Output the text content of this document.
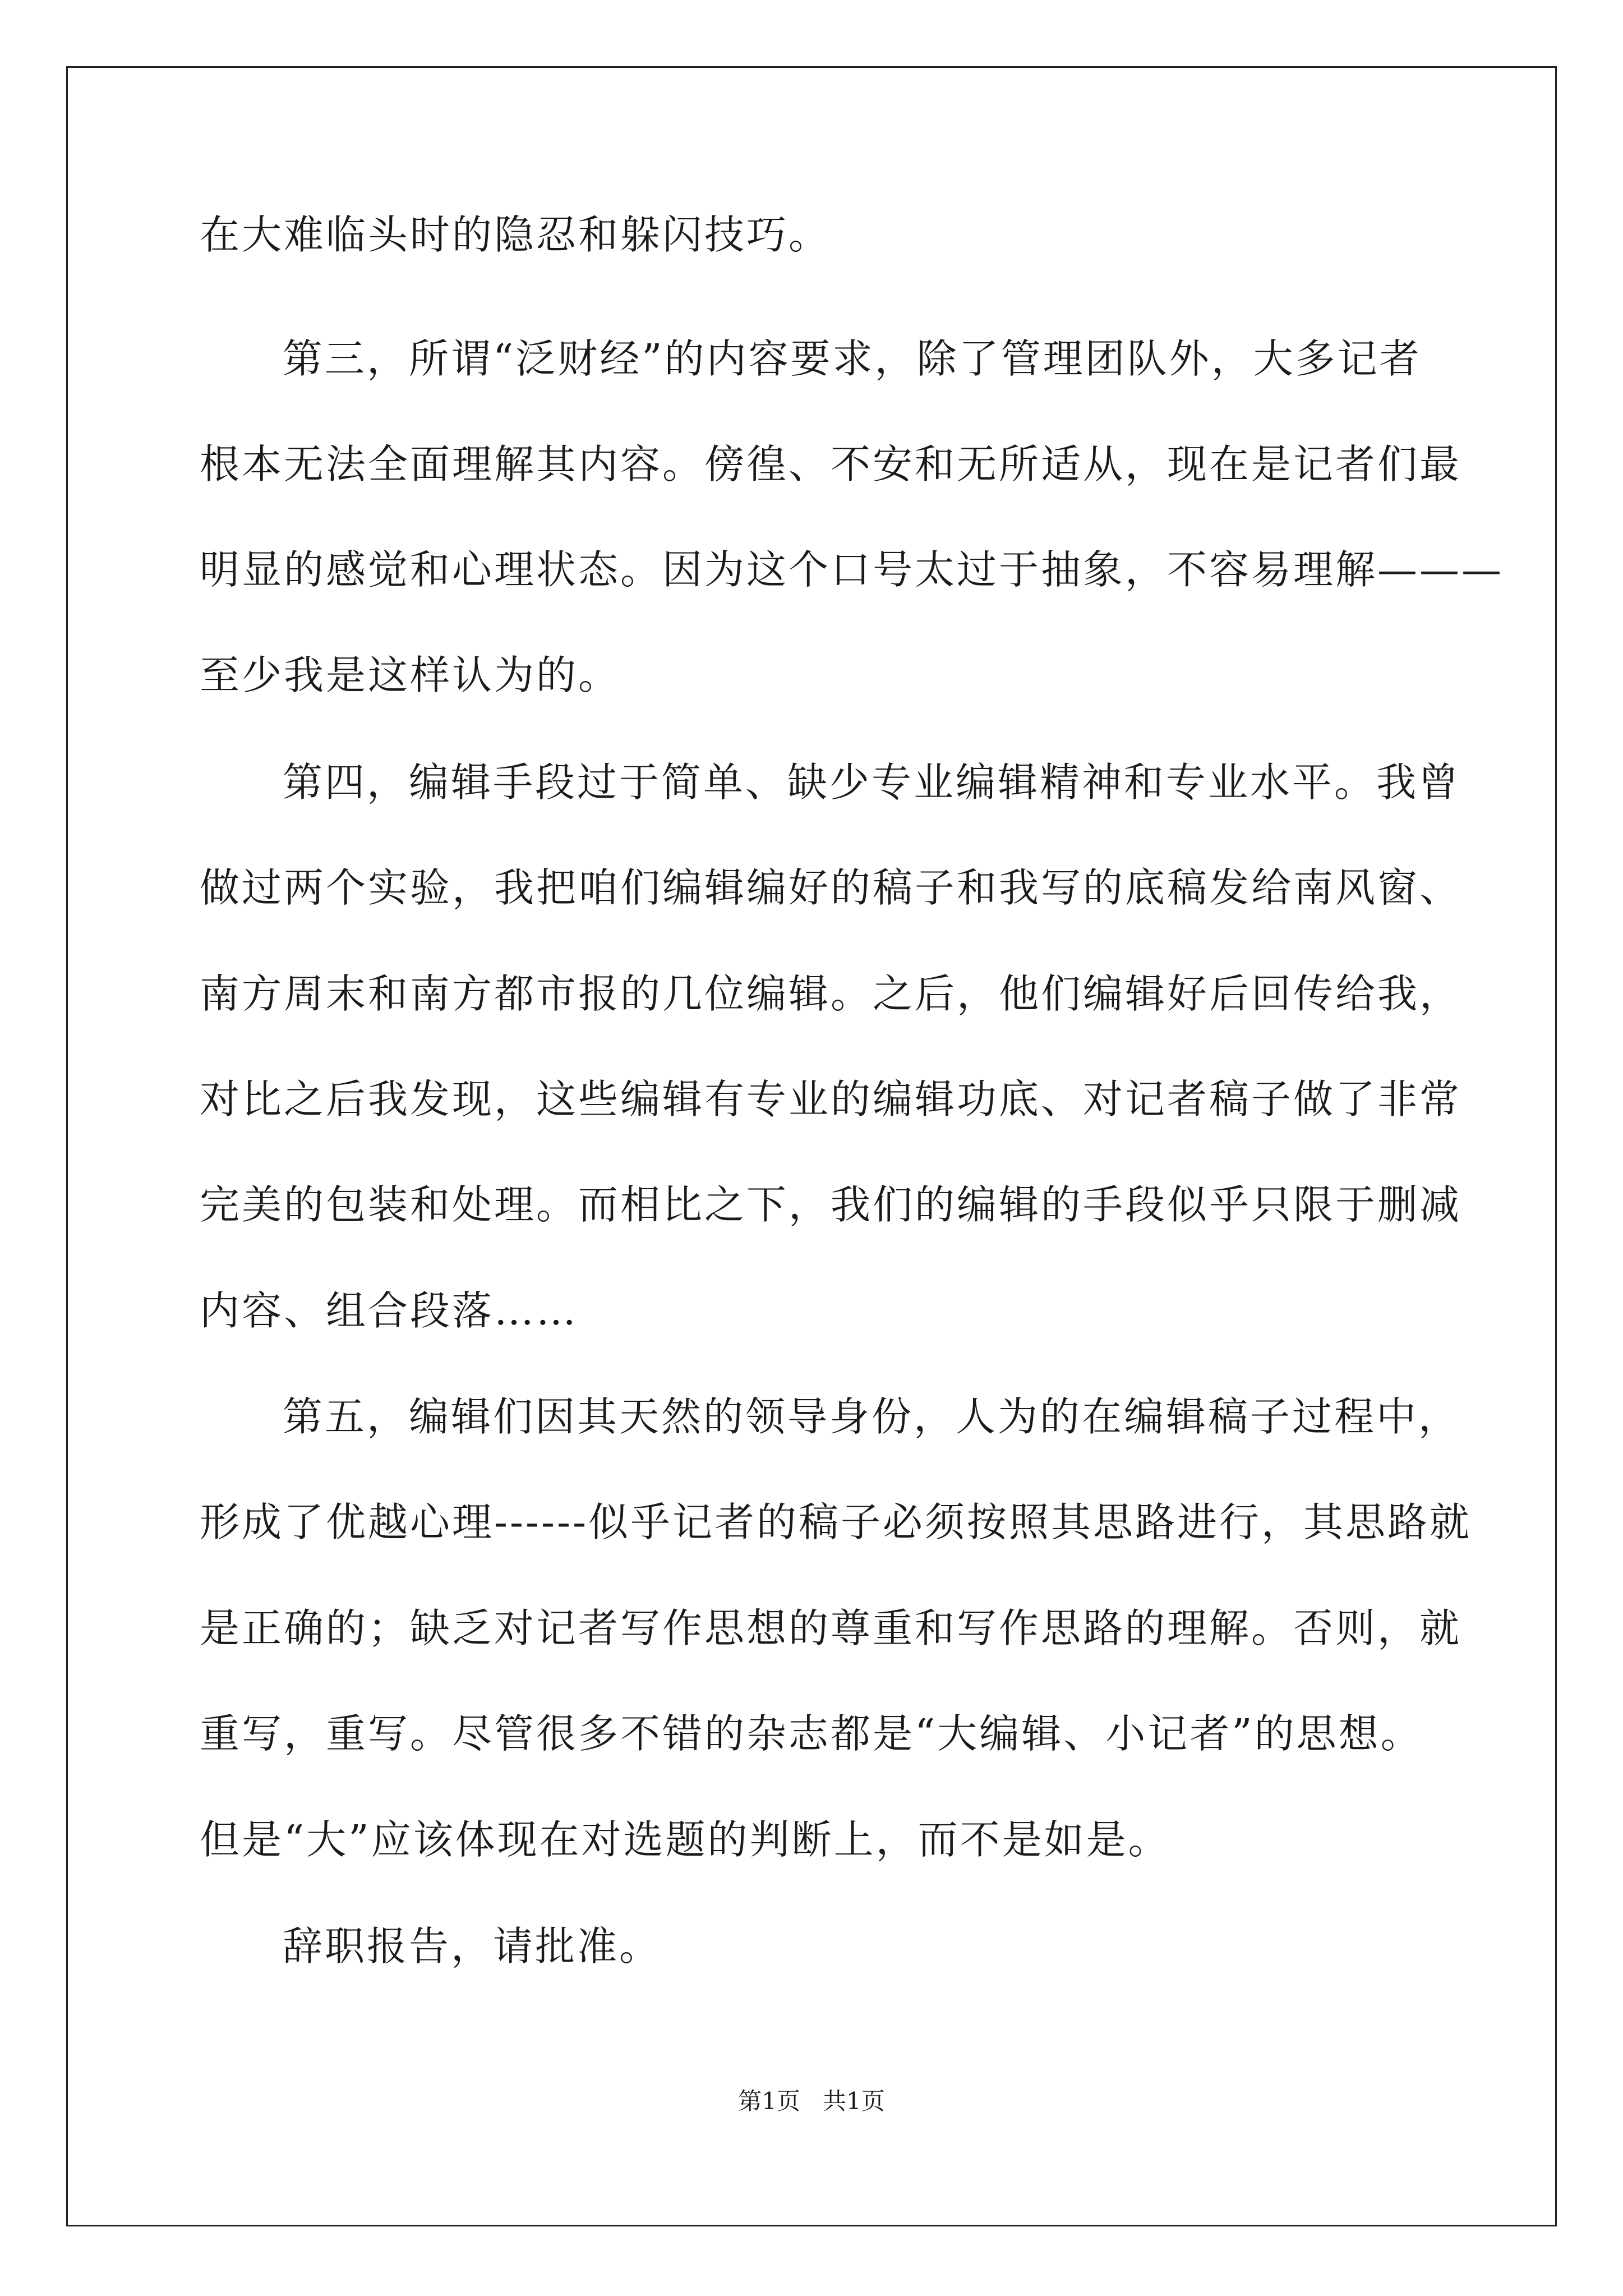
在大难临头时的隐忍和躲闪技巧。
第三，所谓“泛财经”的内容要求，除了管理团队外，大多记者
根本无法全面理解其内容。傍徨、不安和无所适从，现在是记者们最
明显的感觉和心理状态。因为这个口号太过于抽象，不容易理解———
至少我是这样认为的。
第四，编辑手段过于简单、缺少专业编辑精神和专业水平。我曾
做过两个实验，我把咱们编辑编好的稿子和我写的底稿发给南风窗、
南方周末和南方都市报的几位编辑。之后，他们编辑好后回传给我，
对比之后我发现，这些编辑有专业的编辑功底、对记者稿子做了非常
完美的包装和处理。而相比之下，我们的编辑的手段似乎只限于删减
内容、组合段落……
第五，编辑们因其天然的领导身份，人为的在编辑稿子过程中，
形成了优越心理------似乎记者的稿子必须按照其思路进行，其思路就
是正确的；缺乏对记者写作思想的尊重和写作思路的理解。否则，就
重写，重写。尽管很多不错的杂志都是“大编辑、小记者”的思想。
但是“大”应该体现在对选题的判断上，而不是如是。
辞职报告，请批准。
第1页   共1页
